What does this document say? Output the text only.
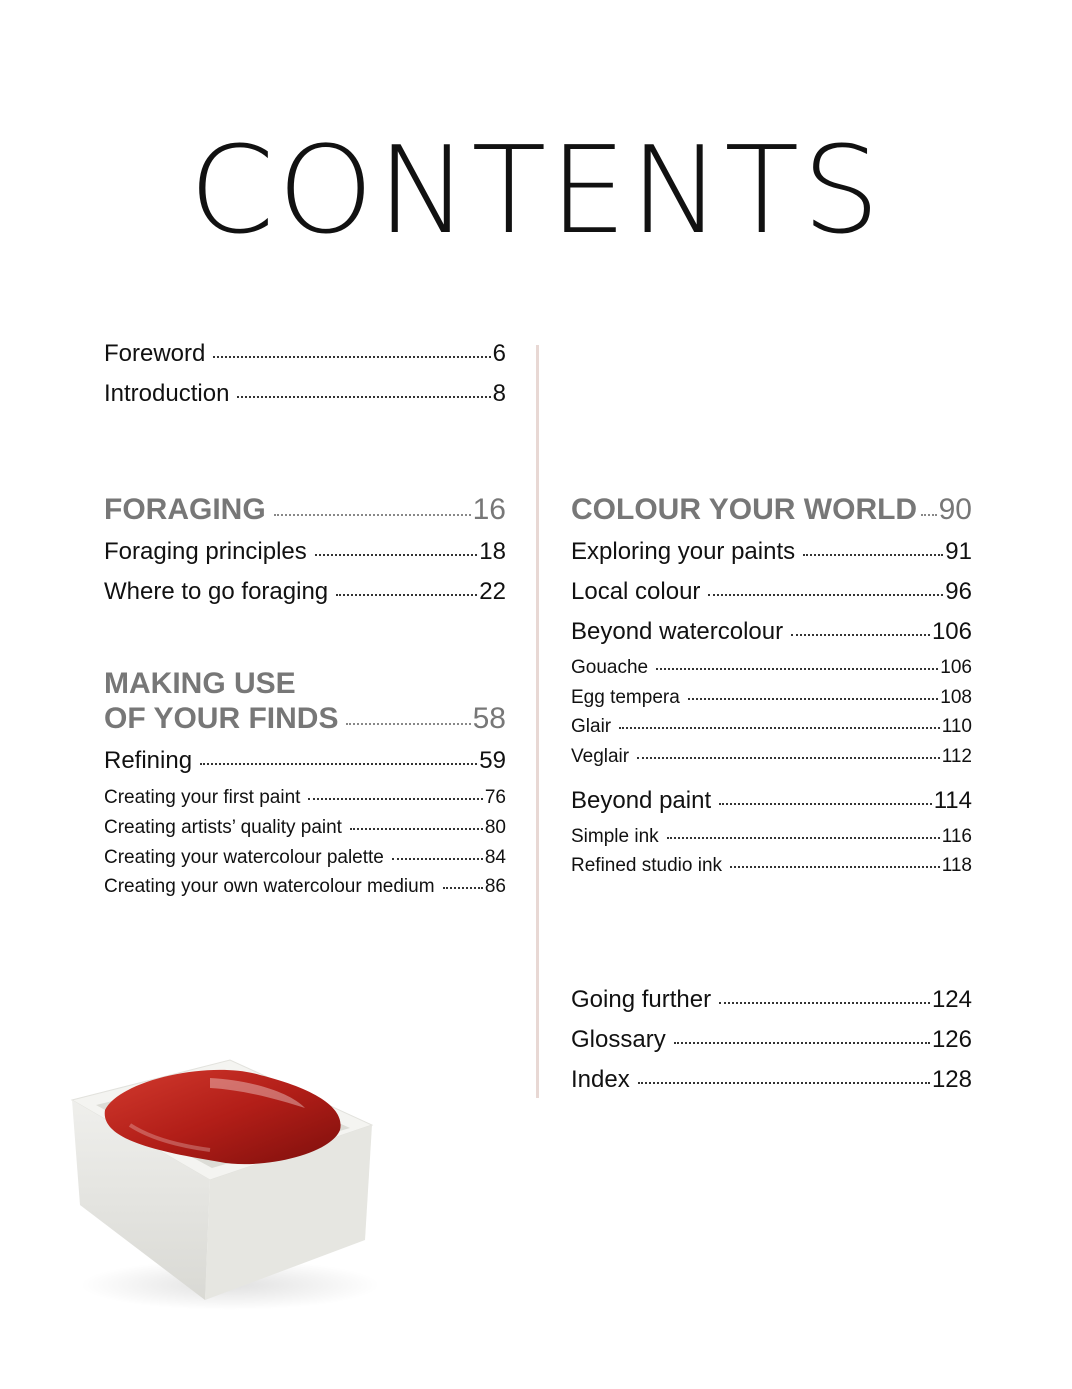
CONTENTS
Foreword	6
Introduction	8
FORAGING	16
Foraging principles	18
Where to go foraging	22
MAKING USE
OF YOUR FINDS	58
Refining	59
Creating your first paint	76
Creating artists’ quality paint	80
Creating your watercolour palette	84
Creating your own watercolour medium	86
COLOUR YOUR WORLD 90
Exploring your paints	91
Local colour	96
Beyond watercolour	106
Gouache	106
Egg tempera	108
Glair	110
Veglair	112
Beyond paint	114
Simple ink	116
Refined studio ink	118
Going further	124
Glossary	126
Index	128
